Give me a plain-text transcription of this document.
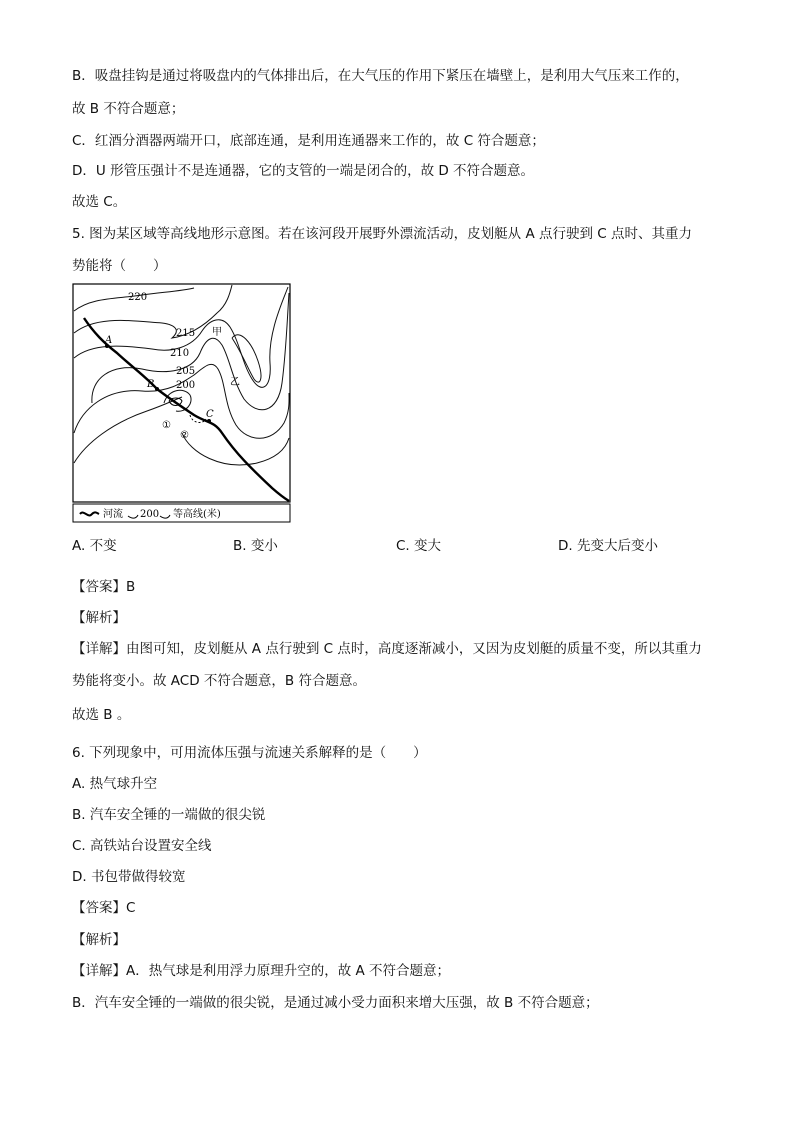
B．吸盘挂钩是通过将吸盘内的气体排出后，在大气压的作用下紧压在墙壁上，是利用大气压来工作的，
故 B 不符合题意；
C．红酒分酒器两端开口，底部连通，是利用连通器来工作的，故 C 符合题意；
D．U 形管压强计不是连通器，它的支管的一端是闭合的，故 D 不符合题意。
故选 C。
5. 图为某区域等高线地形示意图。若在该河段开展野外漂流活动，皮划艇从 A 点行驶到 C 点时、其重力
势能将（　　）
220
215
210
205
200
A
B
C
甲
乙
①
②
河流 200 等高线(米)
A. 不变	B. 变小	C. 变大	D. 先变大后变小
【答案】B
【解析】
【详解】由图可知，皮划艇从 A 点行驶到 C 点时，高度逐渐减小，又因为皮划艇的质量不变，所以其重力
势能将变小。故 ACD 不符合题意，B 符合题意。
故选 B 。
6. 下列现象中，可用流体压强与流速关系解释的是（　　）
A. 热气球升空
B. 汽车安全锤的一端做的很尖锐
C. 高铁站台设置安全线
D. 书包带做得较宽
【答案】C
【解析】
【详解】A．热气球是利用浮力原理升空的，故 A 不符合题意；
B．汽车安全锤的一端做的很尖锐，是通过减小受力面积来增大压强，故 B 不符合题意；
